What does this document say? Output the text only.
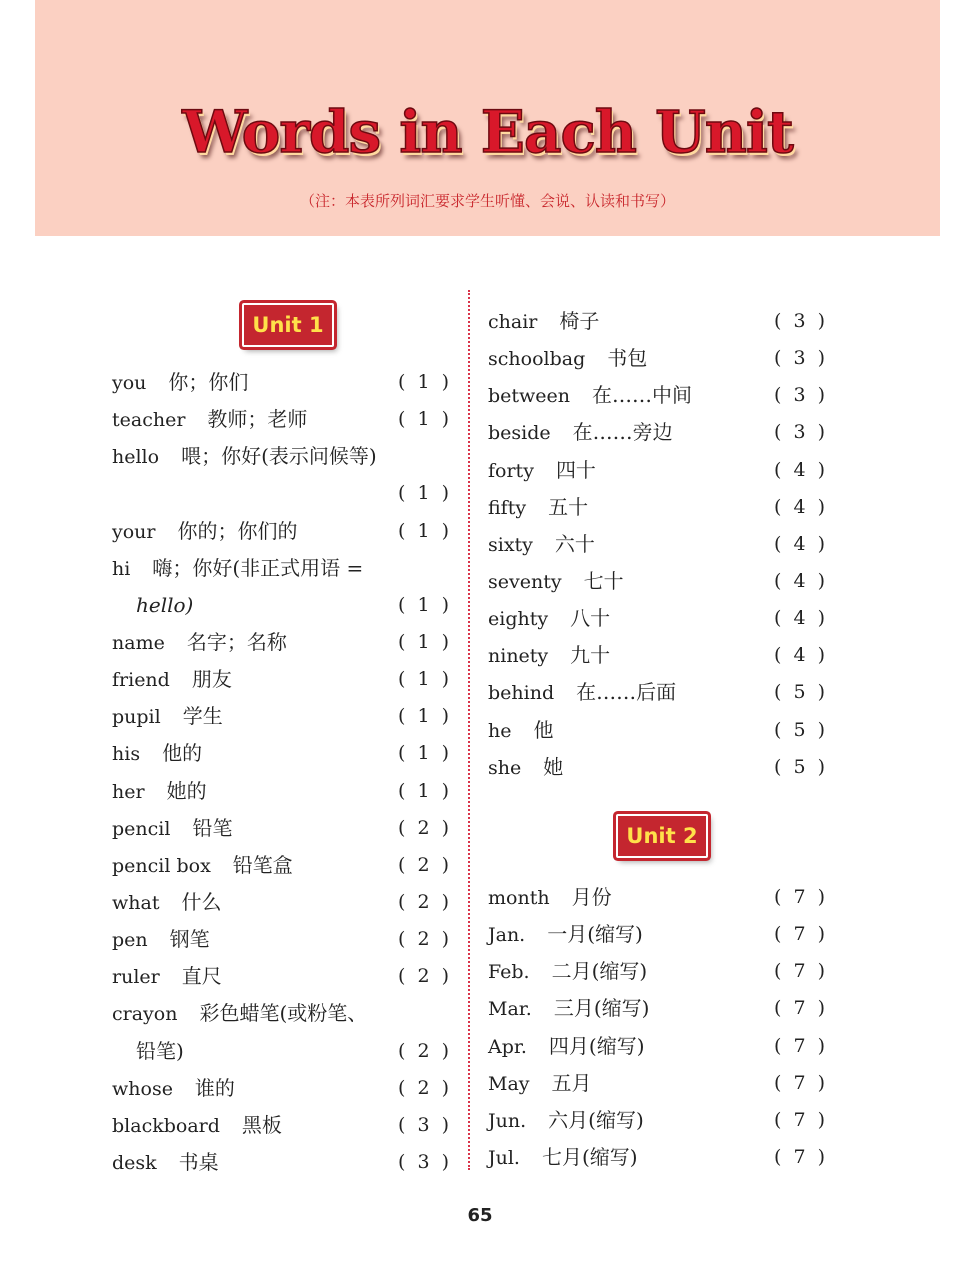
Words in Each Unit
（注：本表所列词汇要求学生听懂、会说、认读和书写）
Unit 1
Unit 2
you 你；你们	( 1 )
teacher 教师；老师	( 1 )
hello 喂；你好(表示问候等)
( 1 )
your 你的；你们的	( 1 )
hi 嗨；你好(非正式用语 =
hello)	( 1 )
name 名字；名称	( 1 )
friend 朋友	( 1 )
pupil 学生	( 1 )
his 他的	( 1 )
her 她的	( 1 )
pencil 铅笔	( 2 )
pencil box 铅笔盒	( 2 )
what 什么	( 2 )
pen 钢笔	( 2 )
ruler 直尺	( 2 )
crayon 彩色蜡笔(或粉笔、
铅笔)	( 2 )
whose 谁的	( 2 )
blackboard 黑板	( 3 )
desk 书桌	( 3 )
chair 椅子	( 3 )
schoolbag 书包	( 3 )
between 在……中间	( 3 )
beside 在……旁边	( 3 )
forty 四十	( 4 )
fifty 五十	( 4 )
sixty 六十	( 4 )
seventy 七十	( 4 )
eighty 八十	( 4 )
ninety 九十	( 4 )
behind 在……后面	( 5 )
he 他	( 5 )
she 她	( 5 )
month 月份	( 7 )
Jan. 一月(缩写)	( 7 )
Feb. 二月(缩写)	( 7 )
Mar. 三月(缩写)	( 7 )
Apr. 四月(缩写)	( 7 )
May 五月	( 7 )
Jun. 六月(缩写)	( 7 )
Jul. 七月(缩写)	( 7 )
65
